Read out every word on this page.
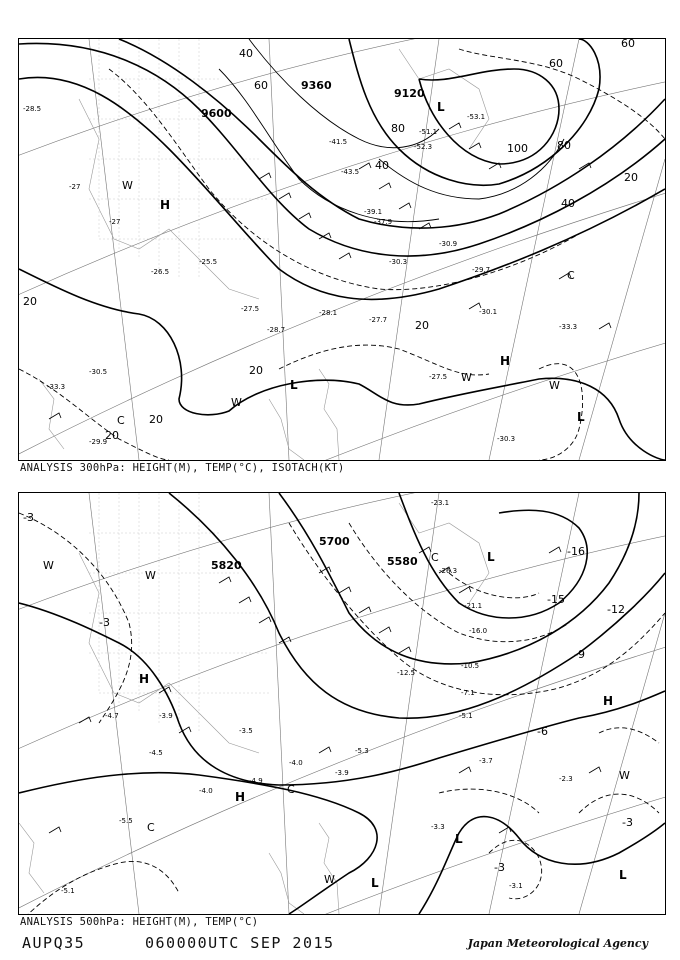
9120
9360
9600
20
20
20
20
40
40
40
60
60
60
80
80
100
20
20
H
H
L
L
L
C
C
W
W
W
W
-28.5
-27
-27
-26.5
-25.5
-27.5
-28.7
-28.1
-27.7
-30.1
-27.5
-30.3
-33.3
-30.5
-33.3
-29.9
-51.1
-52.3
-53.1
-43.5
-41.5
-39.1
-37.9
-30.3
-30.9
-29.7
ANALYSIS 300hPa: HEIGHT(M), TEMP(°C), ISOTACH(KT)
5820
5700
5580
-3
-3
-3
-6
-3
-12
-15
-16
-9
H
H
H
L
L
L
L
C
C
C
W
W
W
W
-23.1
-26.3
-21.1
-16.0
-10.5
-12.5
-7.1
-5.1
-5.3
-3.7
-3.3
-3.1
-2.3
-4.7	-3.9
-4.5
-5.5
-5.1
-3.5
-4.9
-4.0
-3.9
-4.0
ANALYSIS 500hPa: HEIGHT(M), TEMP(°C)
AUPQ35	060000UTC SEP 2015	Japan Meteorological Agency
